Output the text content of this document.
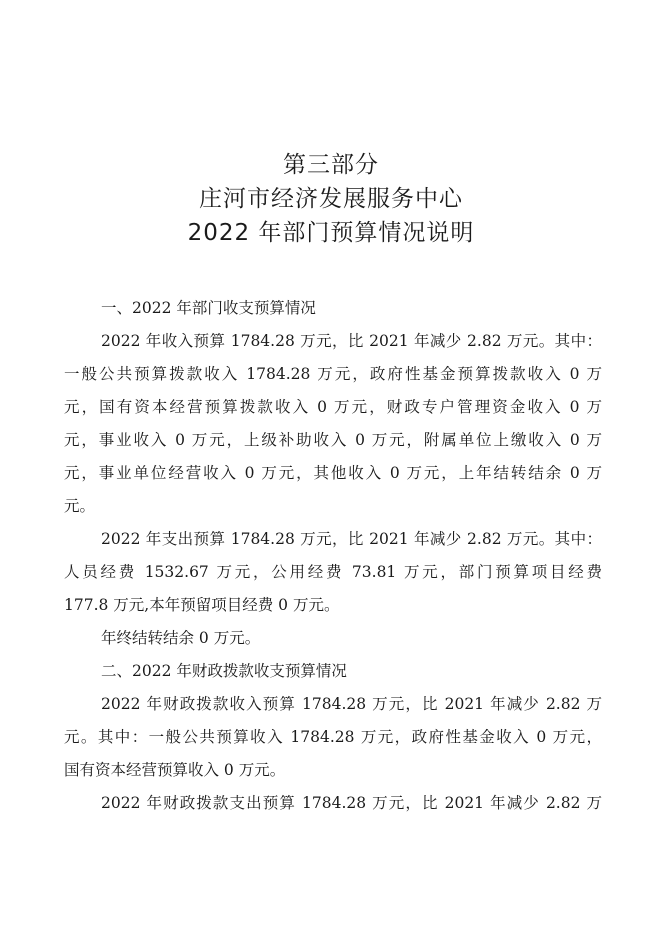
第三部分
庄河市经济发展服务中心
2022 年部门预算情况说明
一、2022 年部门收支预算情况
2022 年收入预算 1784.28 万元，比 2021 年减少 2.82 万元。其中：
一般公共预算拨款收入 1784.28 万元，政府性基金预算拨款收入 0 万
元，国有资本经营预算拨款收入 0 万元，财政专户管理资金收入 0 万
元，事业收入 0 万元，上级补助收入 0 万元，附属单位上缴收入 0 万
元，事业单位经营收入 0 万元，其他收入 0 万元，上年结转结余 0 万
元。
2022 年支出预算 1784.28 万元，比 2021 年减少 2.82 万元。其中：
人员经费 1532.67 万元，公用经费 73.81 万元，部门预算项目经费
177.8 万元,本年预留项目经费 0 万元。
年终结转结余 0 万元。
二、2022 年财政拨款收支预算情况
2022 年财政拨款收入预算 1784.28 万元，比 2021 年减少 2.82 万
元。其中：一般公共预算收入 1784.28 万元，政府性基金收入 0 万元，
国有资本经营预算收入 0 万元。
2022 年财政拨款支出预算 1784.28 万元，比 2021 年减少 2.82 万
